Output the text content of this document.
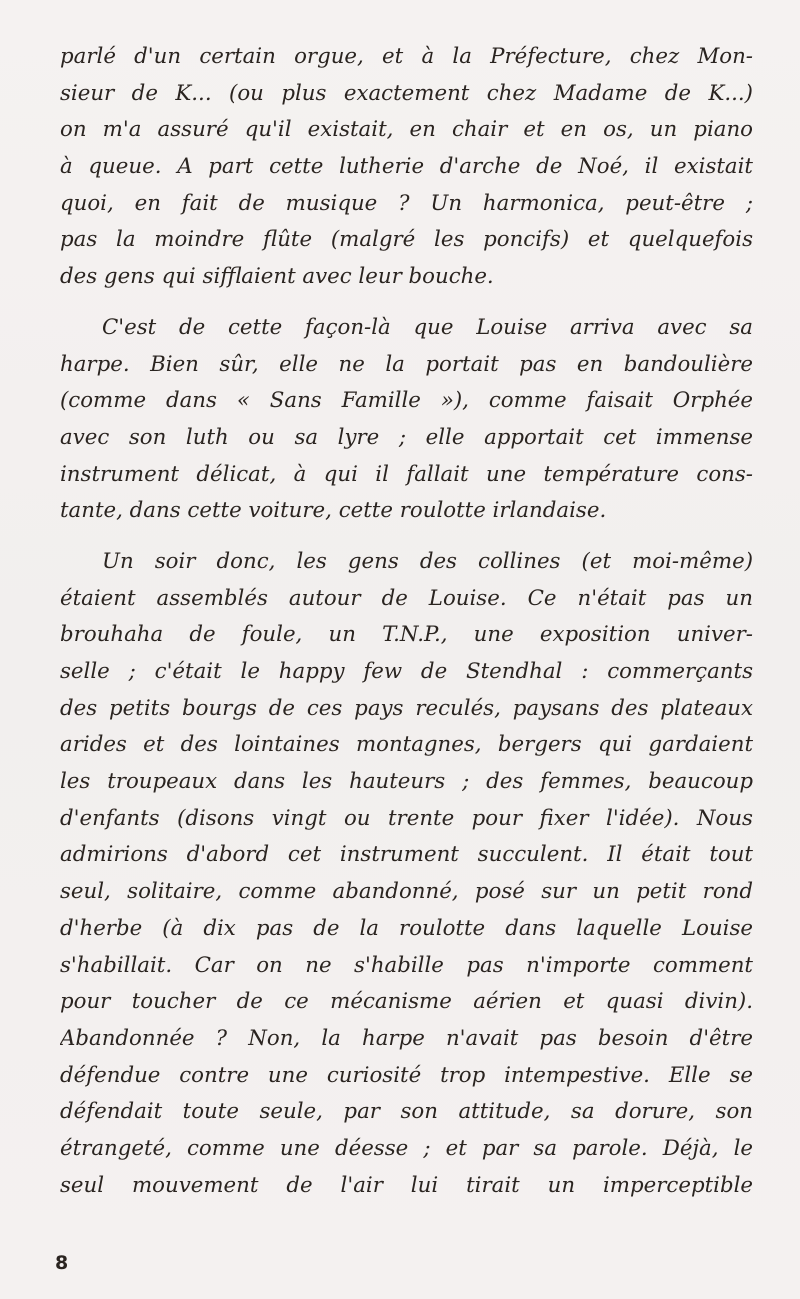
parlé d'un certain orgue, et à la Préfecture, chez Mon-
sieur de K... (ou plus exactement chez Madame de K...)
on m'a assuré qu'il existait, en chair et en os, un piano
à queue. A part cette lutherie d'arche de Noé, il existait
quoi, en fait de musique ? Un harmonica, peut-être ;
pas la moindre flûte (malgré les poncifs) et quelquefois
des gens qui sifflaient avec leur bouche.

C'est de cette façon-là que Louise arriva avec sa
harpe. Bien sûr, elle ne la portait pas en bandoulière
(comme dans « Sans Famille »), comme faisait Orphée
avec son luth ou sa lyre ; elle apportait cet immense
instrument délicat, à qui il fallait une température cons-
tante, dans cette voiture, cette roulotte irlandaise.

Un soir donc, les gens des collines (et moi-même)
étaient assemblés autour de Louise. Ce n'était pas un
brouhaha de foule, un T.N.P., une exposition univer-
selle ; c'était le happy few de Stendhal : commerçants
des petits bourgs de ces pays reculés, paysans des plateaux
arides et des lointaines montagnes, bergers qui gardaient
les troupeaux dans les hauteurs ; des femmes, beaucoup
d'enfants (disons vingt ou trente pour fixer l'idée). Nous
admirions d'abord cet instrument succulent. Il était tout
seul, solitaire, comme abandonné, posé sur un petit rond
d'herbe (à dix pas de la roulotte dans laquelle Louise
s'habillait. Car on ne s'habille pas n'importe comment
pour toucher de ce mécanisme aérien et quasi divin).
Abandonnée ? Non, la harpe n'avait pas besoin d'être
défendue contre une curiosité trop intempestive. Elle se
défendait toute seule, par son attitude, sa dorure, son
étrangeté, comme une déesse ; et par sa parole. Déjà, le
seul mouvement de l'air lui tirait un imperceptible

8
